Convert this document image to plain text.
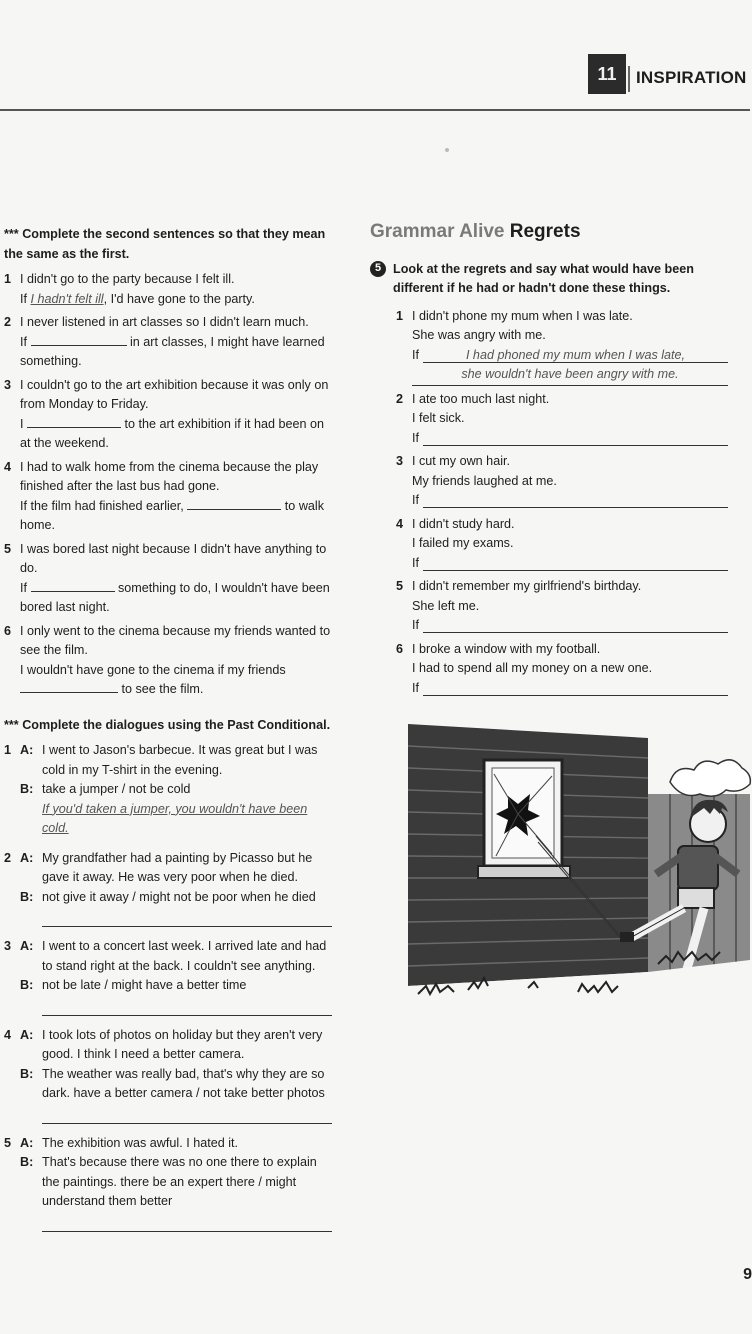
11 INSPIRATION

*** Complete the second sentences so that they mean the same as the first.

1 I didn't go to the party because I felt ill.
If I hadn't felt ill, I'd have gone to the party.
2 I never listened in art classes so I didn't learn much.
If	in art classes, I might have learned something.
3 I couldn't go to the art exhibition because it was only on from Monday to Friday.
I	to the art exhibition if it had been on at the weekend.
4 I had to walk home from the cinema because the play finished after the last bus had gone.
If the film had finished earlier,	to walk home.
5 I was bored last night because I didn't have anything to do.
If	something to do, I wouldn't have been bored last night.
6 I only went to the cinema because my friends wanted to see the film.
I wouldn't have gone to the cinema if my friends  to see the film.

*** Complete the dialogues using the Past Conditional.

1 A: I went to Jason's barbecue. It was great but I was cold in my T-shirt in the evening.
B: take a jumper / not be cold
If you'd taken a jumper, you wouldn't have been cold.
2 A: My grandfather had a painting by Picasso but he gave it away. He was very poor when he died.
B: not give it away / might not be poor when he died
3 A: I went to a concert last week. I arrived late and had to stand right at the back. I couldn't see anything.
B: not be late / might have a better time
4 A: I took lots of photos on holiday but they aren't very good. I think I need a better camera.
B: The weather was really bad, that's why they are so dark. have a better camera / not take better photos
5 A: The exhibition was awful. I hated it.
B: That's because there was no one there to explain the paintings. there be an expert there / might understand them better

Grammar Alive Regrets

5 Look at the regrets and say what would have been different if he had or hadn't done these things.
1 I didn't phone my mum when I was late.
She was angry with me.
If	I had phoned my mum when I was late,
she wouldn't have been angry with me.
2 I ate too much last night.
I felt sick.
If
3 I cut my own hair.
My friends laughed at me.
If
4 I didn't study hard.
I failed my exams.
If
5 I didn't remember my girlfriend's birthday.
She left me.
If
6 I broke a window with my football.
I had to spend all my money on a new one.
If
9
